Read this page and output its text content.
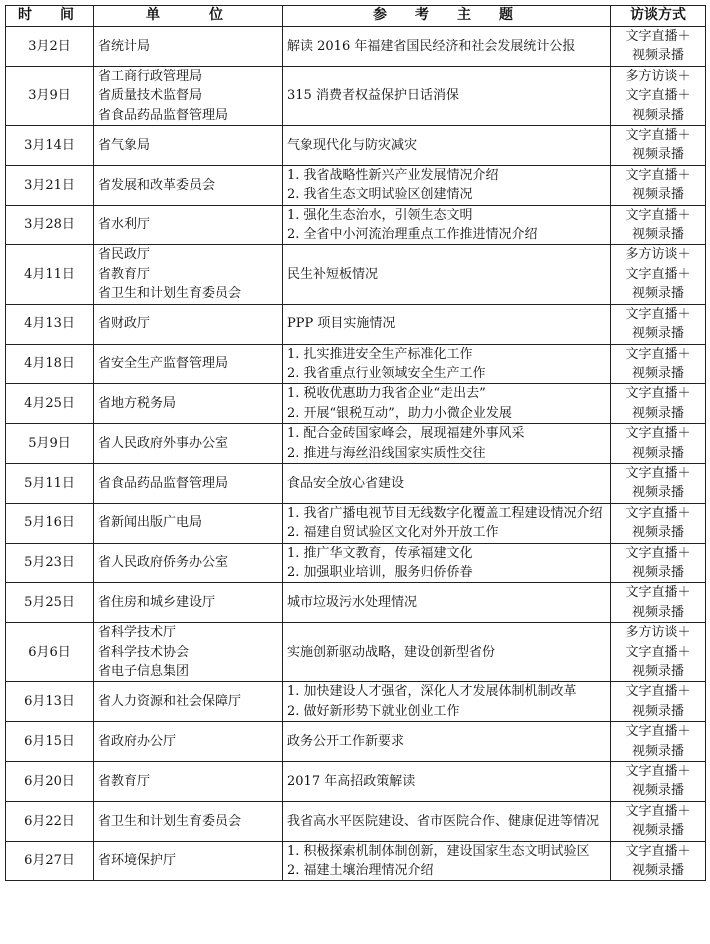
时　间	单　　位	参　考　主　题	访谈方式
3月2日	省统计局	解读 2016 年福建省国民经济和社会发展统计公报	文字直播＋
视频录播

3月9日	省工商行政管理局
省质量技术监督局
省食品药品监督管理局	315 消费者权益保护日话消保	多方访谈＋
文字直播＋
视频录播

3月14日	省气象局	气象现代化与防灾减灾	文字直播＋
视频录播

3月21日	省发展和改革委员会	1. 我省战略性新兴产业发展情况介绍
2. 我省生态文明试验区创建情况	文字直播＋
视频录播

3月28日	省水利厅	1. 强化生态治水，引领生态文明
2. 全省中小河流治理重点工作推进情况介绍	文字直播＋
视频录播

4月11日	省民政厅
省教育厅
省卫生和计划生育委员会	民生补短板情况	多方访谈＋
文字直播＋
视频录播

4月13日	省财政厅	PPP 项目实施情况	文字直播＋
视频录播

4月18日	省安全生产监督管理局	1. 扎实推进安全生产标准化工作
2. 我省重点行业领域安全生产工作	文字直播＋
视频录播

4月25日	省地方税务局	1. 税收优惠助力我省企业“走出去”
2. 开展“银税互动”，助力小微企业发展	文字直播＋
视频录播

5月9日	省人民政府外事办公室	1. 配合金砖国家峰会，展现福建外事风采
2. 推进与海丝沿线国家实质性交往	文字直播＋
视频录播

5月11日	省食品药品监督管理局	食品安全放心省建设	文字直播＋
视频录播

5月16日	省新闻出版广电局	1. 我省广播电视节目无线数字化覆盖工程建设情况介绍
2. 福建自贸试验区文化对外开放工作	文字直播＋
视频录播

5月23日	省人民政府侨务办公室	1. 推广华文教育，传承福建文化
2. 加强职业培训，服务归侨侨眷	文字直播＋
视频录播

5月25日	省住房和城乡建设厅	城市垃圾污水处理情况	文字直播＋
视频录播

6月6日	省科学技术厅
省科学技术协会
省电子信息集团	实施创新驱动战略，建设创新型省份	多方访谈＋
文字直播＋
视频录播

6月13日	省人力资源和社会保障厅	1. 加快建设人才强省，深化人才发展体制机制改革
2. 做好新形势下就业创业工作	文字直播＋
视频录播

6月15日	省政府办公厅	政务公开工作新要求	文字直播＋
视频录播

6月20日	省教育厅	2017 年高招政策解读	文字直播＋
视频录播

6月22日	省卫生和计划生育委员会	我省高水平医院建设、省市医院合作、健康促进等情况	文字直播＋
视频录播

6月27日	省环境保护厅	1. 积极探索机制体制创新，建设国家生态文明试验区
2. 福建土壤治理情况介绍	文字直播＋
视频录播
